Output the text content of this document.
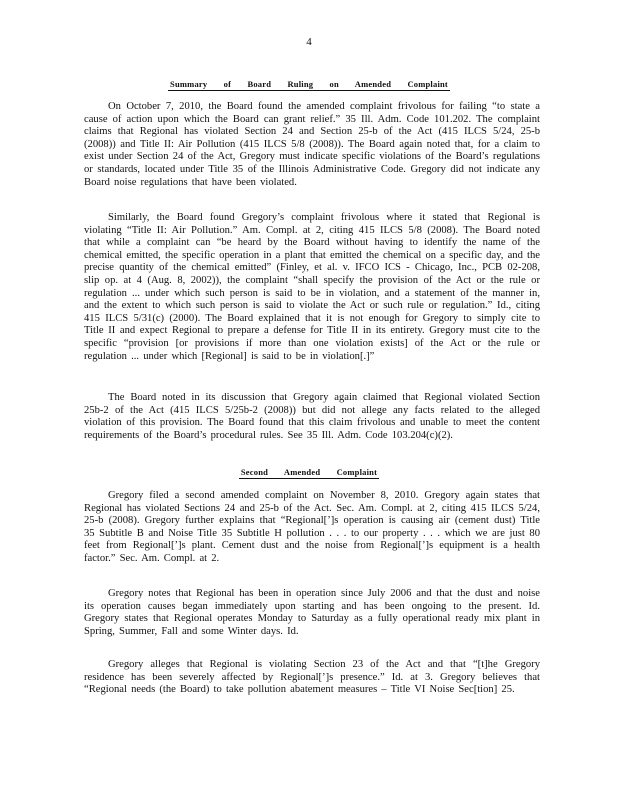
4
Summary of Board Ruling on Amended Complaint
On October 7, 2010, the Board found the amended complaint frivolous for failing “to state a cause of action upon which the Board can grant relief.” 35 Ill. Adm. Code 101.202. The complaint claims that Regional has violated Section 24 and Section 25-b of the Act (415 ILCS 5/24, 25-b (2008)) and Title II: Air Pollution (415 ILCS 5/8 (2008)). The Board again noted that, for a claim to exist under Section 24 of the Act, Gregory must indicate specific violations of the Board’s regulations or standards, located under Title 35 of the Illinois Administrative Code. Gregory did not indicate any Board noise regulations that have been violated.
Similarly, the Board found Gregory’s complaint frivolous where it stated that Regional is violating “Title II: Air Pollution.” Am. Compl. at 2, citing 415 ILCS 5/8 (2008). The Board noted that while a complaint can “be heard by the Board without having to identify the name of the chemical emitted, the specific operation in a plant that emitted the chemical on a specific day, and the precise quantity of the chemical emitted” (Finley, et al. v. IFCO ICS - Chicago, Inc., PCB 02-208, slip op. at 4 (Aug. 8, 2002)), the complaint “shall specify the provision of the Act or the rule or regulation ... under which such person is said to be in violation, and a statement of the manner in, and the extent to which such person is said to violate the Act or such rule or regulation.” Id., citing 415 ILCS 5/31(c) (2000). The Board explained that it is not enough for Gregory to simply cite to Title II and expect Regional to prepare a defense for Title II in its entirety. Gregory must cite to the specific “provision [or provisions if more than one violation exists] of the Act or the rule or regulation ... under which [Regional] is said to be in violation[.]”
The Board noted in its discussion that Gregory again claimed that Regional violated Section 25b-2 of the Act (415 ILCS 5/25b-2 (2008)) but did not allege any facts related to the alleged violation of this provision. The Board found that this claim frivolous and unable to meet the content requirements of the Board’s procedural rules. See 35 Ill. Adm. Code 103.204(c)(2).
Second Amended Complaint
Gregory filed a second amended complaint on November 8, 2010. Gregory again states that Regional has violated Sections 24 and 25-b of the Act. Sec. Am. Compl. at 2, citing 415 ILCS 5/24, 25-b (2008). Gregory further explains that “Regional[’]s operation is causing air (cement dust) Title 35 Subtitle B and Noise Title 35 Subtitle H pollution . . . to our property . . . which we are just 80 feet from Regional[’]s plant. Cement dust and the noise from Regional[’]s equipment is a health factor.” Sec. Am. Compl. at 2.
Gregory notes that Regional has been in operation since July 2006 and that the dust and noise its operation causes began immediately upon starting and has been ongoing to the present. Id. Gregory states that Regional operates Monday to Saturday as a fully operational ready mix plant in Spring, Summer, Fall and some Winter days. Id.
Gregory alleges that Regional is violating Section 23 of the Act and that “[t]he Gregory residence has been severely affected by Regional[’]s presence.” Id. at 3. Gregory believes that “Regional needs (the Board) to take pollution abatement measures – Title VI Noise Sec[tion] 25.
